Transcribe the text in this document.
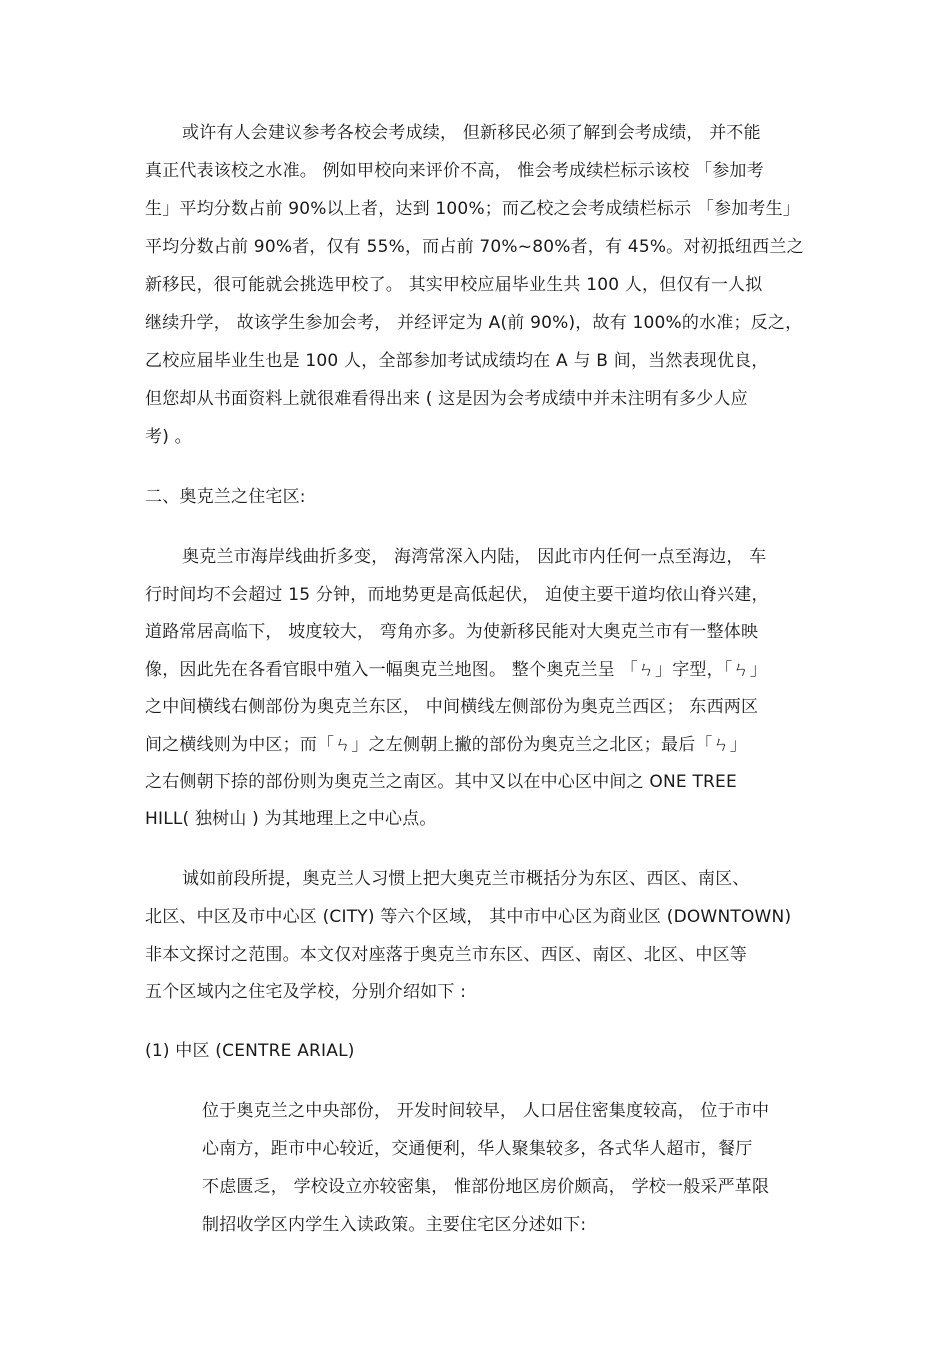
或许有人会建议参考各校会考成续， 但新移民必须了解到会考成绩， 并不能
真正代表该校之水准。 例如甲校向来评价不高， 惟会考成续栏标示该校 「参加考
生」平均分数占前 90%以上者，达到 100%；而乙校之会考成绩栏标示 「参加考生」
平均分数占前 90%者，仅有 55%，而占前 70%~80%者，有 45%。对初抵纽西兰之
新移民，很可能就会挑选甲校了。 其实甲校应届毕业生共 100 人，但仅有一人拟
继续升学， 故该学生参加会考， 并经评定为 A(前 90%)，故有 100%的水准；反之，
乙校应届毕业生也是 100 人，全部参加考试成绩均在 A 与 B 间，当然表现优良，
但您却从书面资料上就很难看得出来 ( 这是因为会考成绩中并未注明有多少人应
考) 。
二、奥克兰之住宅区:
奥克兰市海岸线曲折多变， 海湾常深入内陆， 因此市内任何一点至海边， 车
行时间均不会超过 15 分钟，而地势更是高低起伏， 迫使主要干道均依山脊兴建，
道路常居高临下， 坡度较大， 弯角亦多。为使新移民能对大奥克兰市有一整体映
像，因此先在各看官眼中殖入一幅奥克兰地图。 整个奥克兰呈 「ㄣ」字型，「ㄣ」
之中间横线右侧部份为奥克兰东区， 中间横线左侧部份为奥克兰西区； 东西两区
间之横线则为中区；而「ㄣ」之左侧朝上撇的部份为奥克兰之北区；最后「ㄣ」
之右侧朝下捺的部份则为奥克兰之南区。其中又以在中心区中间之 ONE TREE
HILL( 独树山 ) 为其地理上之中心点。
诚如前段所提，奥克兰人习惯上把大奥克兰市概括分为东区、西区、南区、
北区、中区及市中心区 (CITY) 等六个区域， 其中市中心区为商业区 (DOWNTOWN)
非本文探讨之范围。本文仅对座落于奥克兰市东区、西区、南区、北区、中区等
五个区域内之住宅及学校，分别介绍如下 :
(1) 中区 (CENTRE ARIAL)
位于奥克兰之中央部份， 开发时间较早， 人口居住密集度较高， 位于市中
心南方，距市中心较近，交通便利，华人聚集较多，各式华人超市，餐厅
不虑匮乏， 学校设立亦较密集， 惟部份地区房价颇高， 学校一般采严革限
制招收学区内学生入读政策。主要住宅区分述如下:
